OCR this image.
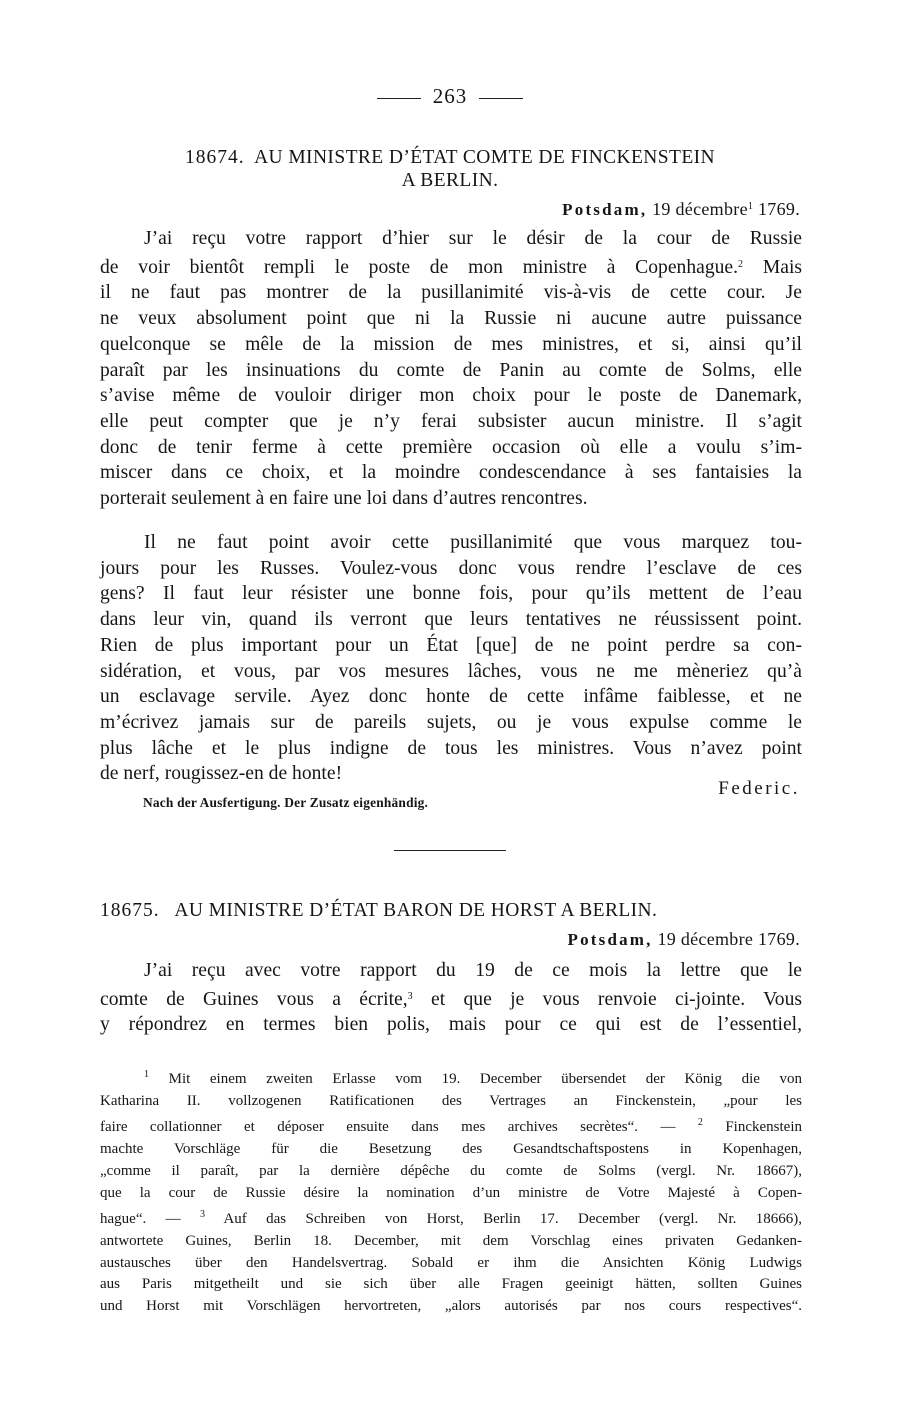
263
18674. AU MINISTRE D’ÉTAT COMTE DE FINCKENSTEIN
A BERLIN.
Potsdam, 19 décembre$^1$ 1769.
J’ai reçu votre rapport d’hier sur le désir de la cour de Russie
de voir bientôt rempli le poste de mon ministre à Copenhague.$^2$ Mais
il ne faut pas montrer de la pusillanimité vis-à-vis de cette cour. Je
ne veux absolument point que ni la Russie ni aucune autre puissance
quelconque se mêle de la mission de mes ministres, et si, ainsi qu’il
paraît par les insinuations du comte de Panin au comte de Solms, elle
s’avise même de vouloir diriger mon choix pour le poste de Danemark,
elle peut compter que je n’y ferai subsister aucun ministre. Il s’agit
donc de tenir ferme à cette première occasion où elle a voulu s’im-
miscer dans ce choix, et la moindre condescendance à ses fantaisies la
porterait seulement à en faire une loi dans d’autres rencontres.
Il ne faut point avoir cette pusillanimité que vous marquez tou-
jours pour les Russes. Voulez-vous donc vous rendre l’esclave de ces
gens? Il faut leur résister une bonne fois, pour qu’ils mettent de l’eau
dans leur vin, quand ils verront que leurs tentatives ne réussissent point.
Rien de plus important pour un État [que] de ne point perdre sa con-
sidération, et vous, par vos mesures lâches, vous ne me mèneriez qu’à
un esclavage servile. Ayez donc honte de cette infâme faiblesse, et ne
m’écrivez jamais sur de pareils sujets, ou je vous expulse comme le
plus lâche et le plus indigne de tous les ministres. Vous n’avez point
de nerf, rougissez-en de honte!
Federic.
Nach der Ausfertigung. Der Zusatz eigenhändig.
18675. AU MINISTRE D’ÉTAT BARON DE HORST A BERLIN.
Potsdam, 19 décembre 1769.
J’ai reçu avec votre rapport du 19 de ce mois la lettre que le
comte de Guines vous a écrite,$^3$ et que je vous renvoie ci-jointe. Vous
y répondrez en termes bien polis, mais pour ce qui est de l’essentiel,
$^1$ Mit einem zweiten Erlasse vom 19. December übersendet der König die von
Katharina II. vollzogenen Ratificationen des Vertrages an Finckenstein, „pour les
faire collationner et déposer ensuite dans mes archives secrètes“. — $^2$ Finckenstein
machte Vorschläge für die Besetzung des Gesandtschaftspostens in Kopenhagen,
„comme il paraît, par la dernière dépêche du comte de Solms (vergl. Nr. 18667),
que la cour de Russie désire la nomination d’un ministre de Votre Majesté à Copen-
hague“. — $^3$ Auf das Schreiben von Horst, Berlin 17. December (vergl. Nr. 18666),
antwortete Guines, Berlin 18. December, mit dem Vorschlag eines privaten Gedanken-
austausches über den Handelsvertrag. Sobald er ihm die Ansichten König Ludwigs
aus Paris mitgetheilt und sie sich über alle Fragen geeinigt hätten, sollten Guines
und Horst mit Vorschlägen hervortreten, „alors autorisés par nos cours respectives“.
